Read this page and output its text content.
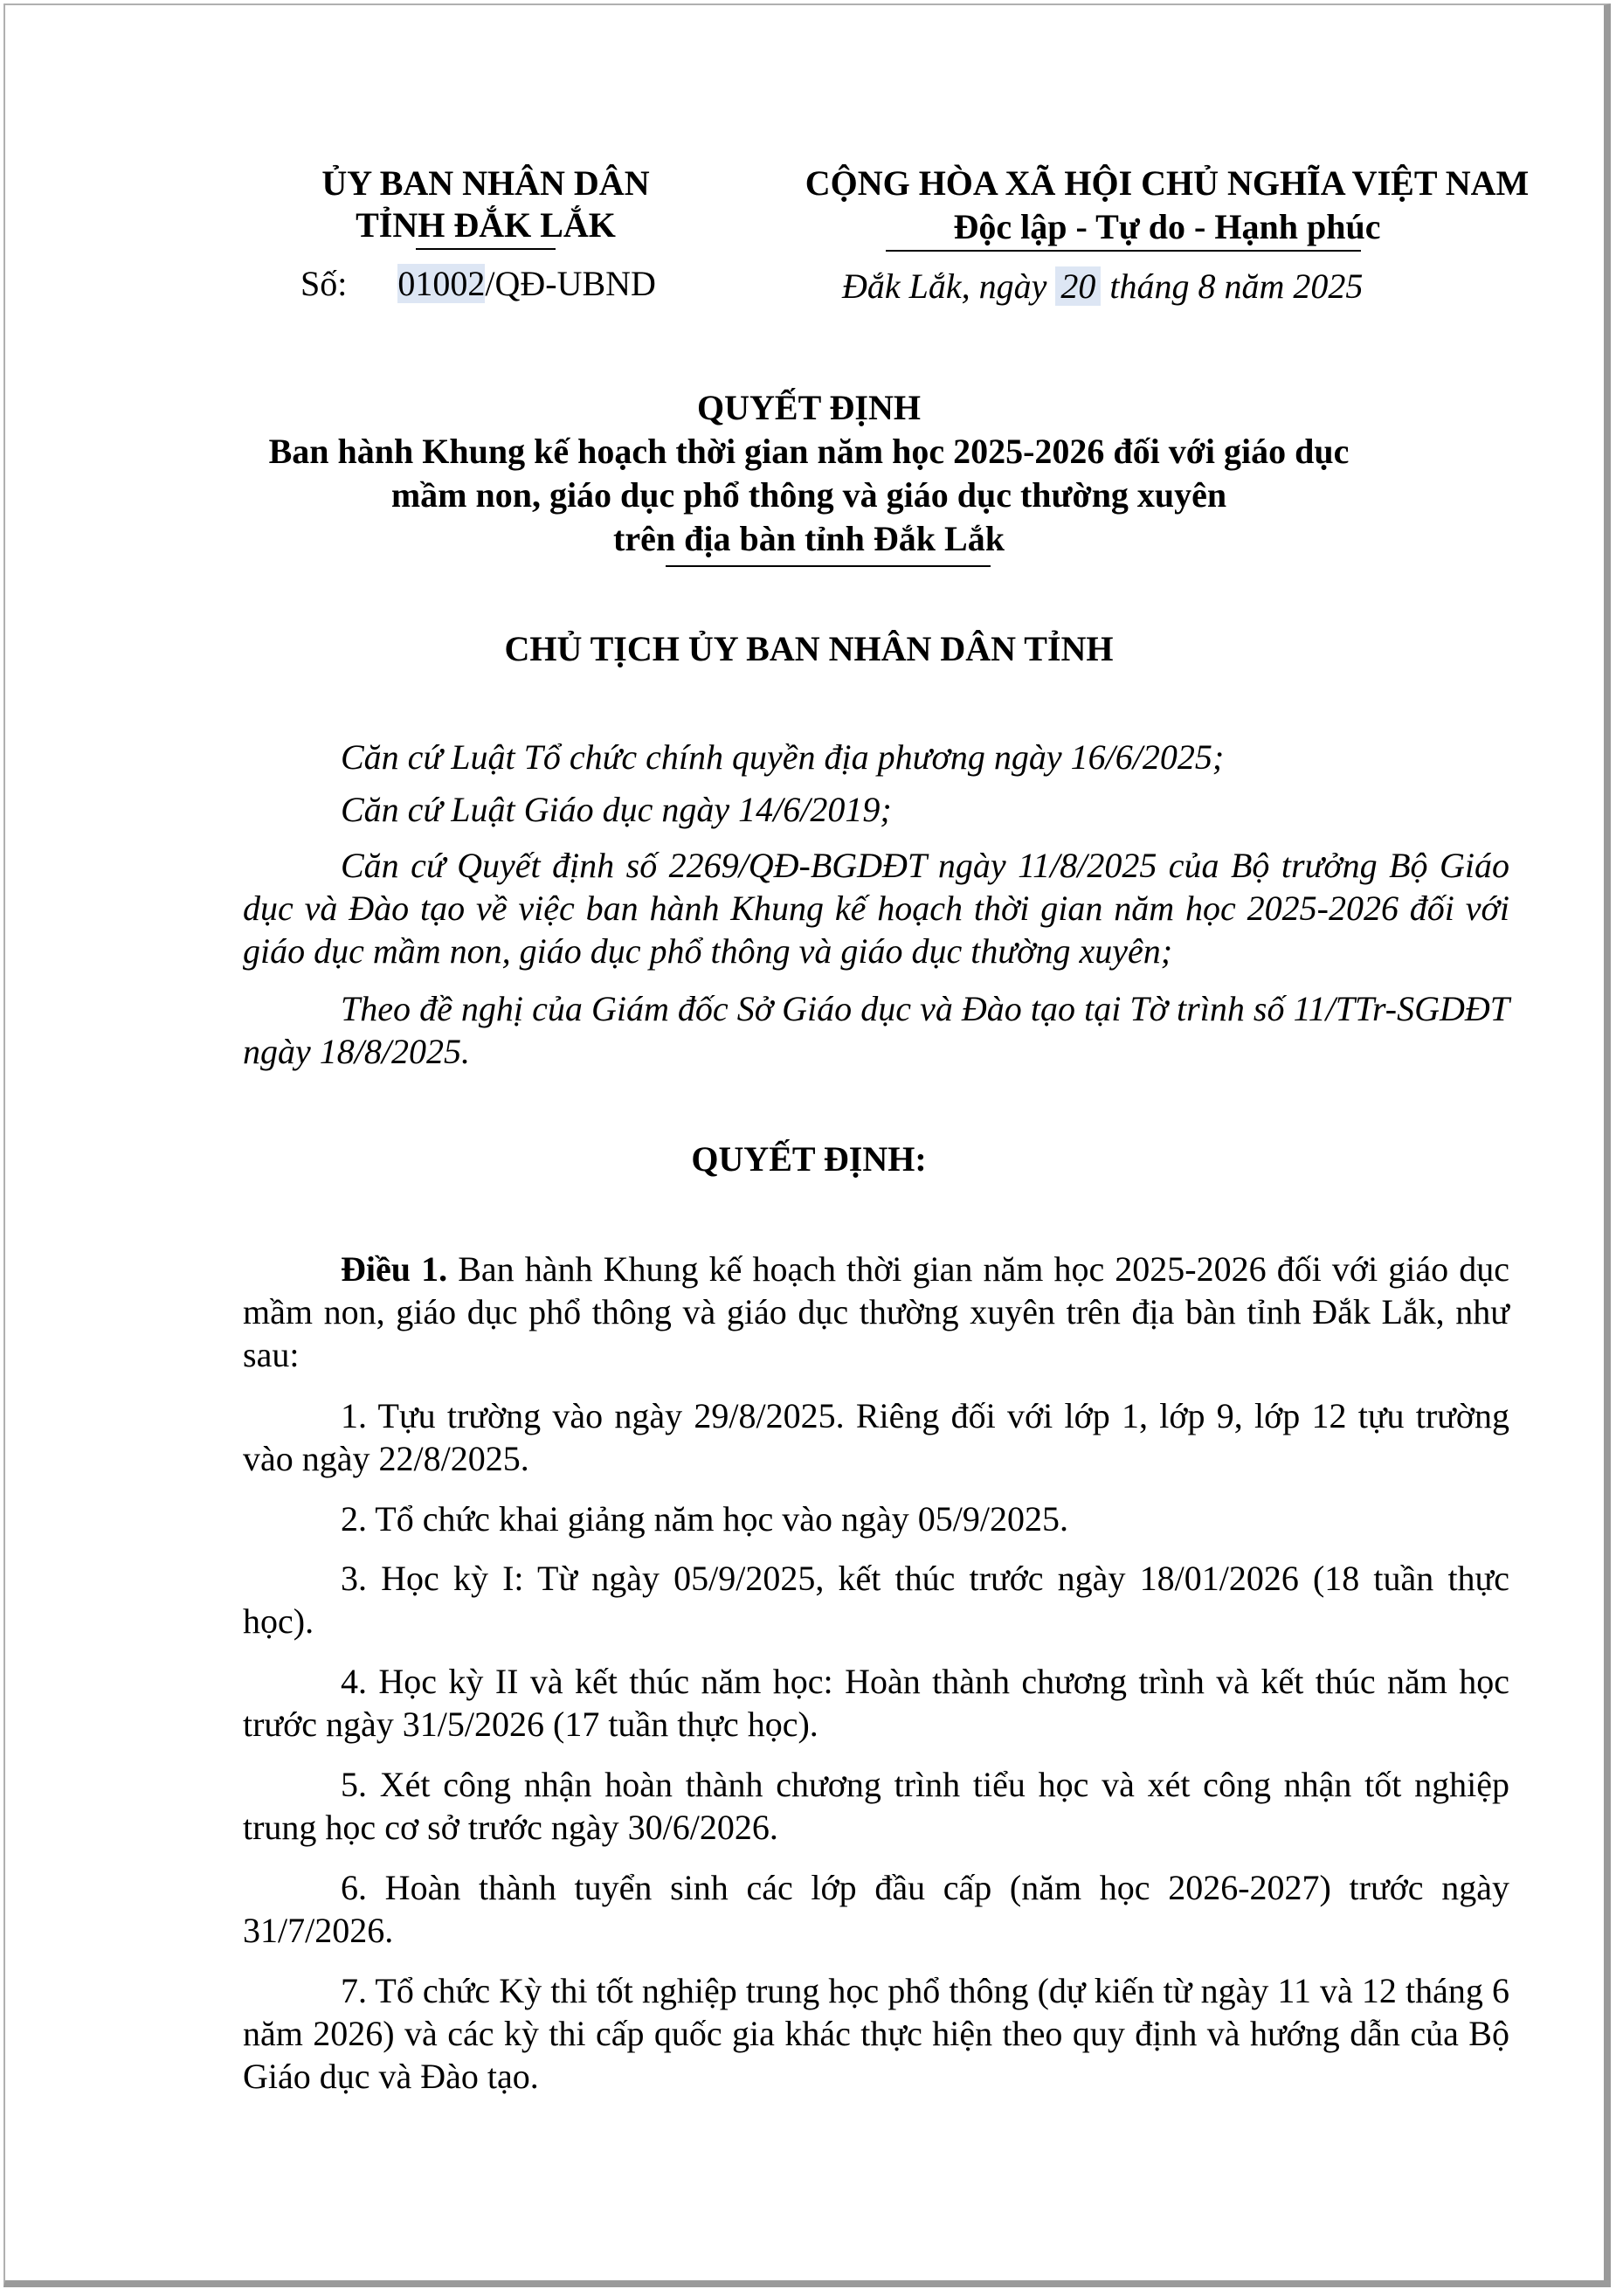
ỦY BAN NHÂN DÂN
TỈNH ĐẮK LẮK
Số: 01002/QĐ-UBND
CỘNG HÒA XÃ HỘI CHỦ NGHĨA VIỆT NAM
Độc lập - Tự do - Hạnh phúc
Đắk Lắk, ngày 20 tháng 8 năm 2025
QUYẾT ĐỊNH
Ban hành Khung kế hoạch thời gian năm học 2025-2026 đối với giáo dục
mầm non, giáo dục phổ thông và giáo dục thường xuyên
trên địa bàn tỉnh Đắk Lắk
CHỦ TỊCH ỦY BAN NHÂN DÂN TỈNH
Căn cứ Luật Tổ chức chính quyền địa phương ngày 16/6/2025;
Căn cứ Luật Giáo dục ngày 14/6/2019;
Căn cứ Quyết định số 2269/QĐ-BGDĐT ngày 11/8/2025 của Bộ trưởng Bộ Giáo dục và Đào tạo về việc ban hành Khung kế hoạch thời gian năm học 2025-2026 đối với giáo dục mầm non, giáo dục phổ thông và giáo dục thường xuyên;
Theo đề nghị của Giám đốc Sở Giáo dục và Đào tạo tại Tờ trình số 11/TTr-SGDĐT ngày 18/8/2025.
QUYẾT ĐỊNH:
Điều 1. Ban hành Khung kế hoạch thời gian năm học 2025-2026 đối với giáo dục mầm non, giáo dục phổ thông và giáo dục thường xuyên trên địa bàn tỉnh Đắk Lắk, như sau:
1. Tựu trường vào ngày 29/8/2025. Riêng đối với lớp 1, lớp 9, lớp 12 tựu trường vào ngày 22/8/2025.
2. Tổ chức khai giảng năm học vào ngày 05/9/2025.
3. Học kỳ I: Từ ngày 05/9/2025, kết thúc trước ngày 18/01/2026 (18 tuần thực học).
4. Học kỳ II và kết thúc năm học: Hoàn thành chương trình và kết thúc năm học trước ngày 31/5/2026 (17 tuần thực học).
5. Xét công nhận hoàn thành chương trình tiểu học và xét công nhận tốt nghiệp trung học cơ sở trước ngày 30/6/2026.
6. Hoàn thành tuyển sinh các lớp đầu cấp (năm học 2026-2027) trước ngày 31/7/2026.
7. Tổ chức Kỳ thi tốt nghiệp trung học phổ thông (dự kiến từ ngày 11 và 12 tháng 6 năm 2026) và các kỳ thi cấp quốc gia khác thực hiện theo quy định và hướng dẫn của Bộ Giáo dục và Đào tạo.
